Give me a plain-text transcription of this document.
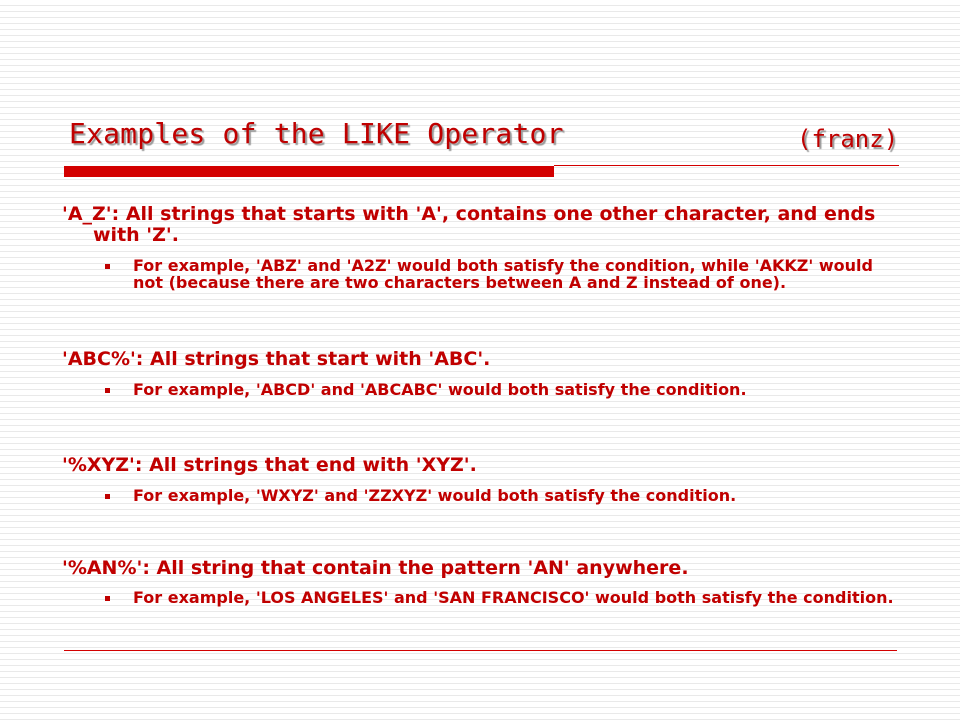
Examples of the LIKE Operator	(franz)

'A_Z': All strings that starts with 'A', contains one other character, and ends with 'Z'.

For example, 'ABZ' and 'A2Z' would both satisfy the condition, while 'AKKZ' would not (because there are two characters between A and Z instead of one).

'ABC%': All strings that start with 'ABC'.

For example, 'ABCD' and 'ABCABC' would both satisfy the condition.

'%XYZ': All strings that end with 'XYZ'.

For example, 'WXYZ' and 'ZZXYZ' would both satisfy the condition.

'%AN%': All string that contain the pattern 'AN' anywhere.

For example, 'LOS ANGELES' and 'SAN FRANCISCO' would both satisfy the condition.
